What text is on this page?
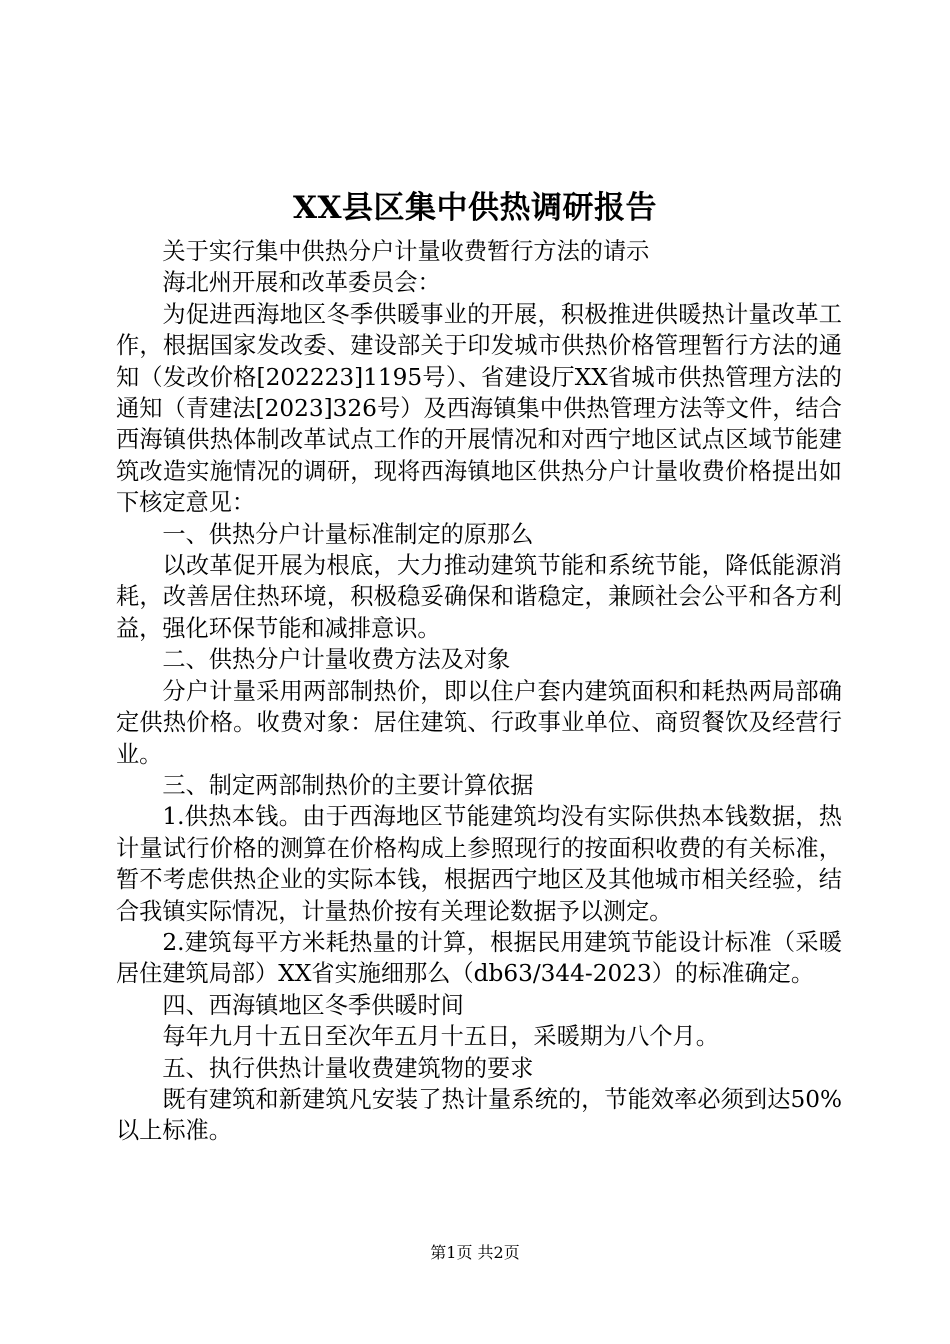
XX县区集中供热调研报告

关于实行集中供热分户计量收费暂行方法的请示

海北州开展和改革委员会：

为促进西海地区冬季供暖事业的开展，积极推进供暖热计量改革工作，根据国家发改委、建设部关于印发城市供热价格管理暂行方法的通知（发改价格[202223]1195号）、省建设厅XX省城市供热管理方法的通知（青建法[2023]326号）及西海镇集中供热管理方法等文件，结合西海镇供热体制改革试点工作的开展情况和对西宁地区试点区域节能建筑改造实施情况的调研，现将西海镇地区供热分户计量收费价格提出如下核定意见：

一、供热分户计量标准制定的原那么

以改革促开展为根底，大力推动建筑节能和系统节能，降低能源消耗，改善居住热环境，积极稳妥确保和谐稳定，兼顾社会公平和各方利益，强化环保节能和减排意识。

二、供热分户计量收费方法及对象

分户计量采用两部制热价，即以住户套内建筑面积和耗热两局部确定供热价格。收费对象：居住建筑、行政事业单位、商贸餐饮及经营行业。

三、制定两部制热价的主要计算依据

1.供热本钱。由于西海地区节能建筑均没有实际供热本钱数据，热计量试行价格的测算在价格构成上参照现行的按面积收费的有关标准，暂不考虑供热企业的实际本钱，根据西宁地区及其他城市相关经验，结合我镇实际情况，计量热价按有关理论数据予以测定。

2.建筑每平方米耗热量的计算，根据民用建筑节能设计标准（采暖居住建筑局部）XX省实施细那么（db63/344-2023）的标准确定。

四、西海镇地区冬季供暖时间

每年九月十五日至次年五月十五日，采暖期为八个月。

五、执行供热计量收费建筑物的要求

既有建筑和新建筑凡安装了热计量系统的，节能效率必须到达50%以上标准。

第1页 共2页
